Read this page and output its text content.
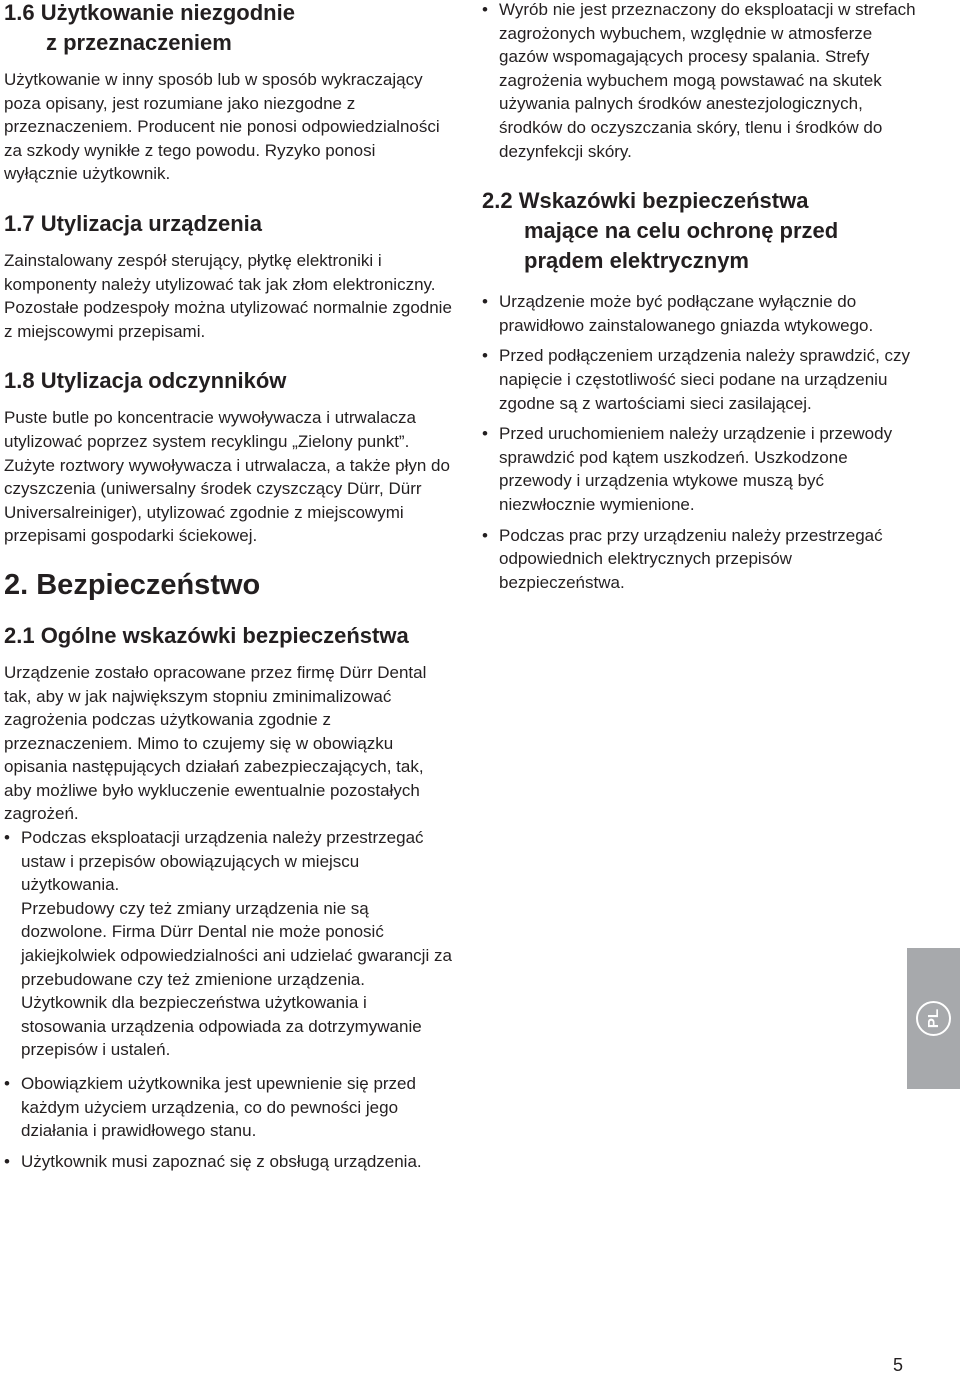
1.6 Użytkowanie niezgodnie

z przeznaczeniem

Użytkowanie w inny sposób lub w sposób wykraczający poza opisany, jest rozumiane jako niezgodne z przeznaczeniem. Producent nie ponosi odpowiedzialności za szkody wynikłe z tego powodu. Ryzyko ponosi wyłącznie użytkownik.

1.7 Utylizacja urządzenia

Zainstalowany zespół sterujący, płytkę elektroniki i komponenty należy utylizować tak jak złom elektroniczny.

Pozostałe podzespoły można utylizować normalnie zgodnie z miejscowymi przepisami.

1.8 Utylizacja odczynników

Puste butle po koncentracie wywoływacza i utrwalacza utylizować poprzez system recyklingu „Zielony punkt”.

Zużyte roztwory wywoływacza i utrwalacza, a także płyn do czyszczenia (uniwersalny środek czyszczący Dürr, Dürr Universalreiniger), utylizować zgodnie z miejscowymi przepisami gospodarki ściekowej.

2. Bezpieczeństwo
2.1 Ogólne wskazówki bezpieczeństwa

Urządzenie zostało opracowane przez firmę Dürr Dental tak, aby w jak największym stopniu zminimalizować zagrożenia podczas użytkowania zgodnie z przeznaczeniem. Mimo to czujemy się w obowiązku opisania następujących działań zabezpieczających, tak, aby możliwe było wykluczenie ewentualnie pozostałych zagrożeń.

• Podczas eksploatacji urządzenia należy przestrzegać ustaw i przepisów obowiązujących w miejscu użytkowania.
Przebudowy czy też zmiany urządzenia nie są dozwolone. Firma Dürr Dental nie może ponosić jakiejkolwiek odpowiedzialności ani udzielać gwarancji za przebudowane czy też zmienione urządzenia. Użytkownik dla bezpieczeństwa użytkowania i stosowania urządzenia odpowiada za dotrzymywanie przepisów i ustaleń.
• Obowiązkiem użytkownika jest upewnienie się przed każdym użyciem urządzenia, co do pewności jego działania i prawidłowego stanu.
• Użytkownik musi zapoznać się z obsługą urządzenia.
• Wyrób nie jest przeznaczony do eksploatacji w strefach zagrożonych wybuchem, względnie w atmosferze gazów wspomagających procesy spalania. Strefy zagrożenia wybuchem mogą powstawać na skutek używania palnych środków anestezjologicznych, środków do oczyszczania skóry, tlenu i środków do dezynfekcji skóry.
2.2 Wskazówki bezpieczeństwa

mające na celu ochronę przed
prądem elektrycznym
• Urządzenie może być podłączane wyłącznie do prawidłowo zainstalowanego gniazda wtykowego.
• Przed podłączeniem urządzenia należy sprawdzić, czy napięcie i częstotliwość sieci podane na urządzeniu zgodne są z wartościami sieci zasilającej.
• Przed uruchomieniem należy urządzenie i przewody sprawdzić pod kątem uszkodzeń. Uszkodzone przewody i urządzenia wtykowe muszą być niezwłocznie wymienione.
• Podczas prac przy urządzeniu należy przestrzegać odpowiednich elektrycznych przepisów bezpieczeństwa.
PL
5
